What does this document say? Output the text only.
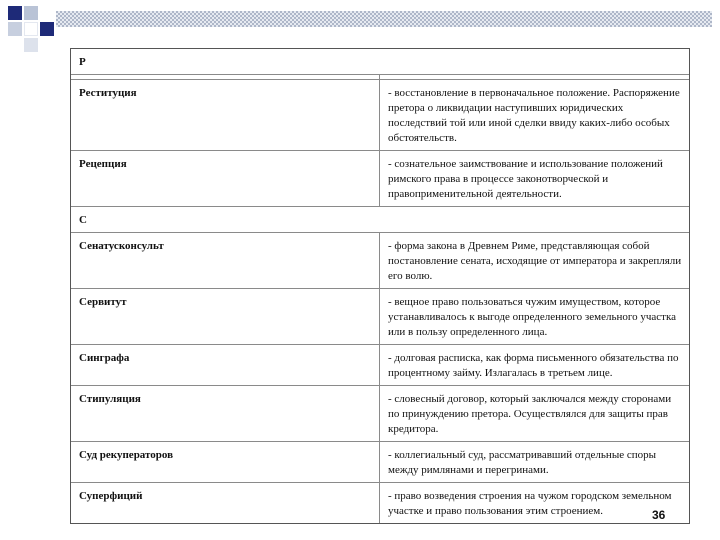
Р	

Реституция	- восстановление в первоначальное положение. Распоряжение претора о ликвидации наступивших юридических последствий той или иной сделки ввиду каких-либо особых обстоятельств.
Рецепция	- сознательное заимствование и использование положений римского права в процессе законотворческой и правоприменительной деятельности.
С	
Сенатусконсульт	- форма закона в Древнем Риме, представляющая собой постановление сената, исходящие от императора и закрепляли его волю.
Сервитут	- вещное право пользоваться чужим имуществом, которое устанавливалось к выгоде определенного земельного участка или в пользу определенного лица.
Синграфа	- долговая расписка, как форма письменного обязательства по процентному займу. Излагалась в третьем лице.
Стипуляция	- словесный договор, который заключался между сторонами по принуждению претора. Осуществлялся для защиты прав кредитора.
Суд рекуператоров	- коллегиальный суд, рассматривавший отдельные споры между римлянами и перегринами.
Суперфиций	- право возведения строения на чужом городском земельном участке и право пользования этим строением.	36
